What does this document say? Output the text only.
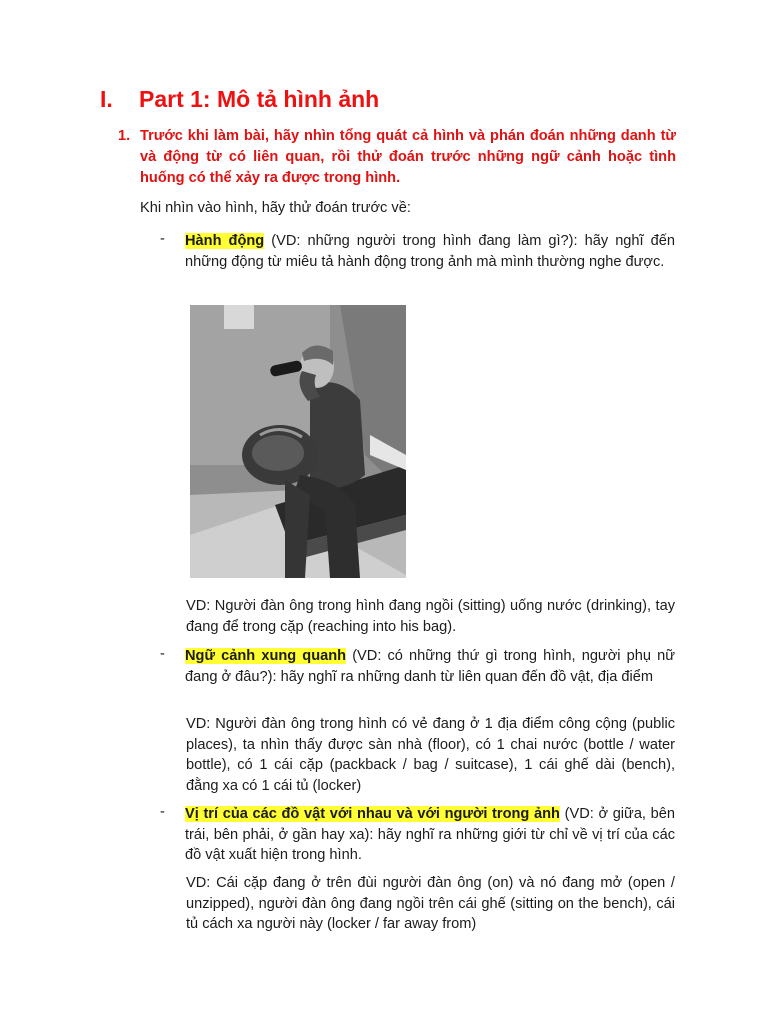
I. Part 1: Mô tả hình ảnh
1. Trước khi làm bài, hãy nhìn tổng quát cả hình và phán đoán những danh từ và động từ có liên quan, rồi thử đoán trước những ngữ cảnh hoặc tình huống có thể xảy ra được trong hình.
Khi nhìn vào hình, hãy thử đoán trước về:
- Hành động (VD: những người trong hình đang làm gì?): hãy nghĩ đến những động từ miêu tả hành động trong ảnh mà mình thường nghe được.
VD: Người đàn ông trong hình đang ngồi (sitting) uống nước (drinking), tay đang để trong cặp (reaching into his bag).
- Ngữ cảnh xung quanh (VD: có những thứ gì trong hình, người phụ nữ đang ở đâu?): hãy nghĩ ra những danh từ liên quan đến đồ vật, địa điểm
VD: Người đàn ông trong hình có vẻ đang ở 1 địa điểm công cộng (public places), ta nhìn thấy được sàn nhà (floor), có 1 chai nước (bottle / water bottle), có 1 cái cặp (packback / bag / suitcase), 1 cái ghế dài (bench), đằng xa có 1 cái tủ (locker)
- Vị trí của các đồ vật với nhau và với người trong ảnh (VD: ở giữa, bên trái, bên phải, ở gần hay xa): hãy nghĩ ra những giới từ chỉ về vị trí của các đồ vật xuất hiện trong hình.
VD: Cái cặp đang ở trên đùi người đàn ông (on) và nó đang mở (open / unzipped), người đàn ông đang ngồi trên cái ghế (sitting on the bench), cái tủ cách xa người này (locker / far away from)
